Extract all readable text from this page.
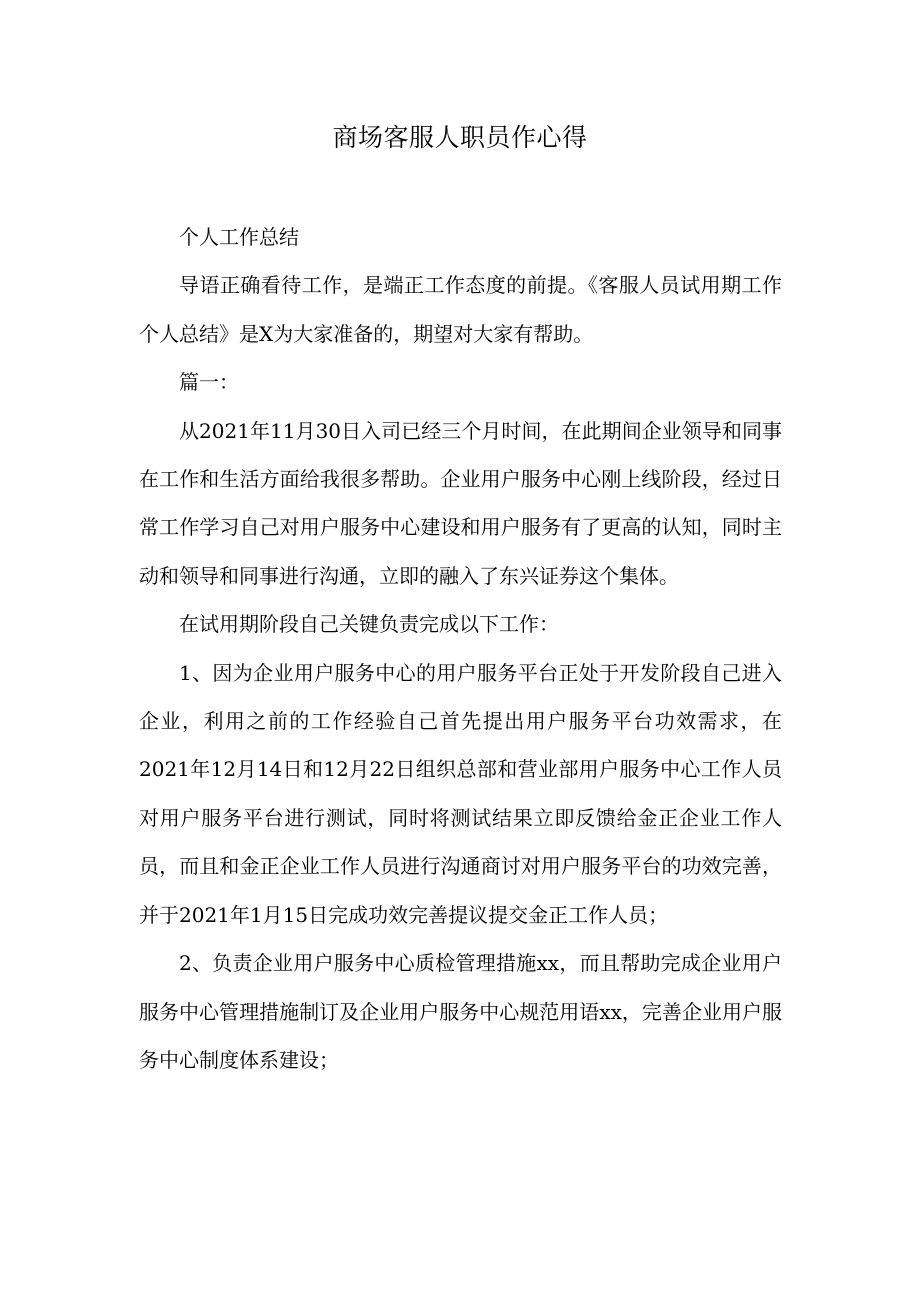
商场客服人职员作心得

个人工作总结

导语正确看待工作，是端正工作态度的前提。《客服人员试用期工作个人总结》是X为大家准备的，期望对大家有帮助。

篇一：

从2021年11月30日入司已经三个月时间，在此期间企业领导和同事在工作和生活方面给我很多帮助。企业用户服务中心刚上线阶段，经过日常工作学习自己对用户服务中心建设和用户服务有了更高的认知，同时主动和领导和同事进行沟通，立即的融入了东兴证券这个集体。

在试用期阶段自己关键负责完成以下工作：

1、因为企业用户服务中心的用户服务平台正处于开发阶段自己进入企业，利用之前的工作经验自己首先提出用户服务平台功效需求，在2021年12月14日和12月22日组织总部和营业部用户服务中心工作人员对用户服务平台进行测试，同时将测试结果立即反馈给金正企业工作人员，而且和金正企业工作人员进行沟通商讨对用户服务平台的功效完善，并于2021年1月15日完成功效完善提议提交金正工作人员；

2、负责企业用户服务中心质检管理措施xx，而且帮助完成企业用户服务中心管理措施制订及企业用户服务中心规范用语xx，完善企业用户服务中心制度体系建设；
